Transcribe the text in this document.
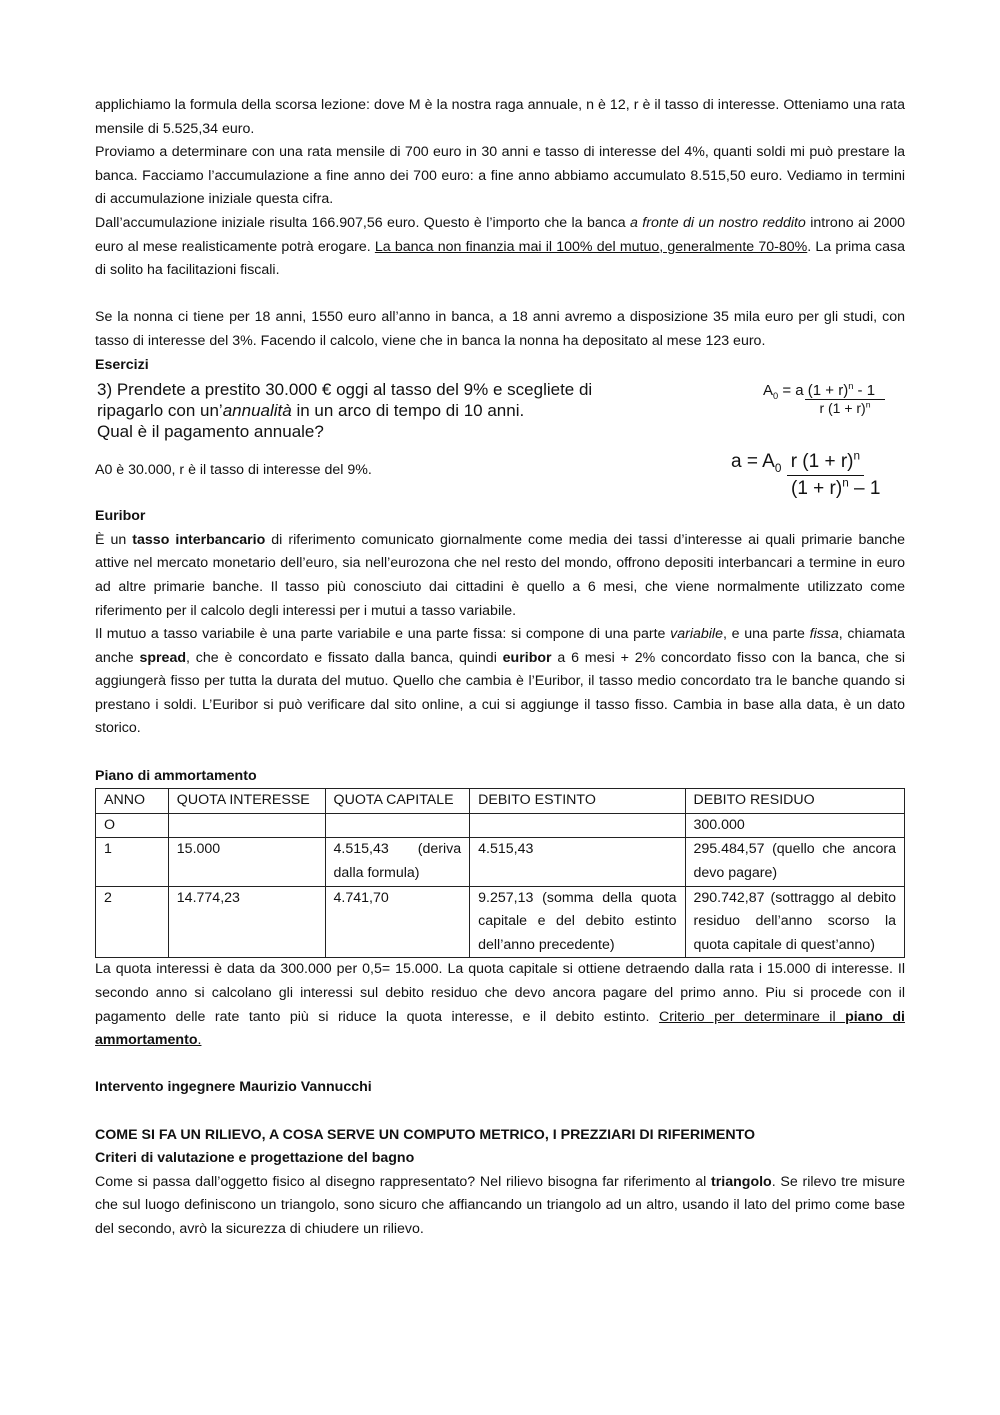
applichiamo la formula della scorsa lezione: dove M è la nostra raga annuale, n è 12, r è il tasso di interesse. Otteniamo una rata mensile di 5.525,34 euro.

Proviamo a determinare con una rata mensile di 700 euro in 30 anni e tasso di interesse del 4%, quanti soldi mi può prestare la banca. Facciamo l’accumulazione a fine anno dei 700 euro: a fine anno abbiamo accumulato 8.515,50 euro. Vediamo in termini di accumulazione iniziale questa cifra.

Dall’accumulazione iniziale risulta 166.907,56 euro. Questo è l’importo che la banca a fronte di un nostro reddito introno ai 2000 euro al mese realisticamente potrà erogare. La banca non finanzia mai il 100% del mutuo, generalmente 70-80%. La prima casa di solito ha facilitazioni fiscali.

Se la nonna ci tiene per 18 anni, 1550 euro all’anno in banca, a 18 anni avremo a disposizione 35 mila euro per gli studi, con tasso di interesse del 3%. Facendo il calcolo, viene che in banca la nonna ha depositato al mese 123 euro.

Esercizi

3) Prendete a prestito 30.000 € oggi al tasso del 9% e scegliete di
ripagarlo con un’annualità in un arco di tempo di 10 anni.
Qual è il pagamento annuale?

A0 è 30.000, r è il tasso di interesse del 9%.

$\frac{A_0 = a (1 + r)^n - 1}{r (1 + r)^n}$
$a = A_0$ r $(1 + r)^n$
$(1 + r)^n - 1$

Euribor

È un tasso interbancario di riferimento comunicato giornalmente come media dei tassi d’interesse ai quali primarie banche attive nel mercato monetario dell’euro, sia nell’eurozona che nel resto del mondo, offrono depositi interbancari a termine in euro ad altre primarie banche. Il tasso più conosciuto dai cittadini è quello a 6 mesi, che viene normalmente utilizzato come riferimento per il calcolo degli interessi per i mutui a tasso variabile.

Il mutuo a tasso variabile è una parte variabile e una parte fissa: si compone di una parte variabile, e una parte fissa, chiamata anche spread, che è concordato e fissato dalla banca, quindi euribor a 6 mesi + 2% concordato fisso con la banca, che si aggiungerà fisso per tutta la durata del mutuo. Quello che cambia è l’Euribor, il tasso medio concordato tra le banche quando si prestano i soldi. L’Euribor si può verificare dal sito online, a cui si aggiunge il tasso fisso. Cambia in base alla data, è un dato storico.

Piano di ammortamento

ANNO	QUOTA INTERESSE	QUOTA CAPITALE	DEBITO ESTINTO	DEBITO RESIDUO
O				300.000
1	15.000	4.515,43 (deriva dalla formula)	4.515,43	295.484,57 (quello che ancora devo pagare)
2	14.774,23	4.741,70	9.257,13 (somma della quota capitale e del debito estinto dell’anno precedente)	290.742,87 (sottraggo al debito residuo dell’anno scorso la quota capitale di quest’anno)

La quota interessi è data da 300.000 per 0,5= 15.000. La quota capitale si ottiene detraendo dalla rata i 15.000 di interesse. Il secondo anno si calcolano gli interessi sul debito residuo che devo ancora pagare del primo anno. Piu si procede con il pagamento delle rate tanto più si riduce la quota interesse, e il debito estinto. Criterio per determinare il piano di ammortamento.

Intervento ingegnere Maurizio Vannucchi

COME SI FA UN RILIEVO, A COSA SERVE UN COMPUTO METRICO, I PREZZIARI DI RIFERIMENTO

Criteri di valutazione e progettazione del bagno

Come si passa dall’oggetto fisico al disegno rappresentato? Nel rilievo bisogna far riferimento al triangolo. Se rilevo tre misure che sul luogo definiscono un triangolo, sono sicuro che affiancando un triangolo ad un altro, usando il lato del primo come base del secondo, avrò la sicurezza di chiudere un rilievo.
